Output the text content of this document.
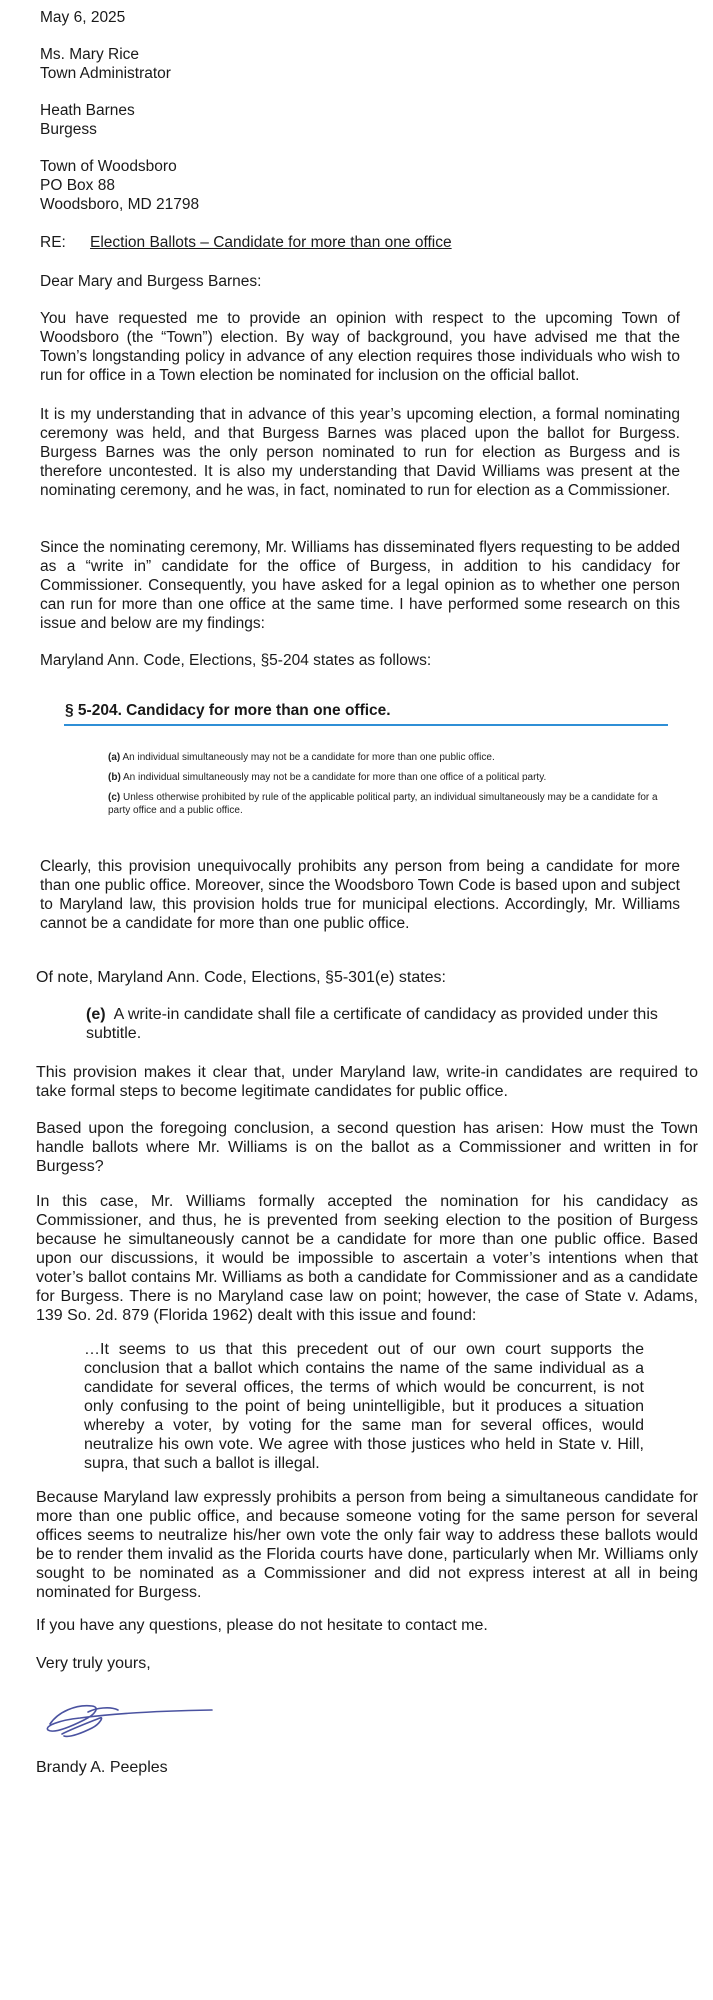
May 6, 2025
Ms. Mary Rice
Town Administrator
Heath Barnes
Burgess
Town of Woodsboro
PO Box 88
Woodsboro, MD 21798
RE: Election Ballots – Candidate for more than one office
Dear Mary and Burgess Barnes:

You have requested me to provide an opinion with respect to the upcoming Town of Woodsboro (the “Town”) election. By way of background, you have advised me that the Town’s longstanding policy in advance of any election requires those individuals who wish to run for office in a Town election be nominated for inclusion on the official ballot.

It is my understanding that in advance of this year’s upcoming election, a formal nominating ceremony was held, and that Burgess Barnes was placed upon the ballot for Burgess. Burgess Barnes was the only person nominated to run for election as Burgess and is therefore uncontested. It is also my understanding that David Williams was present at the nominating ceremony, and he was, in fact, nominated to run for election as a Commissioner.

Since the nominating ceremony, Mr. Williams has disseminated flyers requesting to be added as a “write in” candidate for the office of Burgess, in addition to his candidacy for Commissioner. Consequently, you have asked for a legal opinion as to whether one person can run for more than one office at the same time. I have performed some research on this issue and below are my findings:

Maryland Ann. Code, Elections, §5-204 states as follows:

§ 5-204. Candidacy for more than one office.
(a) An individual simultaneously may not be a candidate for more than one public office.
(b) An individual simultaneously may not be a candidate for more than one office of a political party.
(c) Unless otherwise prohibited by rule of the applicable political party, an individual simultaneously may be a candidate for a party office and a public office.

Clearly, this provision unequivocally prohibits any person from being a candidate for more than one public office. Moreover, since the Woodsboro Town Code is based upon and subject to Maryland law, this provision holds true for municipal elections. Accordingly, Mr. Williams cannot be a candidate for more than one public office.

Of note, Maryland Ann. Code, Elections, §5-301(e) states:

(e) A write-in candidate shall file a certificate of candidacy as provided under this subtitle.

This provision makes it clear that, under Maryland law, write-in candidates are required to take formal steps to become legitimate candidates for public office.

Based upon the foregoing conclusion, a second question has arisen: How must the Town handle ballots where Mr. Williams is on the ballot as a Commissioner and written in for Burgess?

In this case, Mr. Williams formally accepted the nomination for his candidacy as Commissioner, and thus, he is prevented from seeking election to the position of Burgess because he simultaneously cannot be a candidate for more than one public office. Based upon our discussions, it would be impossible to ascertain a voter’s intentions when that voter’s ballot contains Mr. Williams as both a candidate for Commissioner and as a candidate for Burgess. There is no Maryland case law on point; however, the case of State v. Adams, 139 So. 2d. 879 (Florida 1962) dealt with this issue and found:

…It seems to us that this precedent out of our own court supports the conclusion that a ballot which contains the name of the same individual as a candidate for several offices, the terms of which would be concurrent, is not only confusing to the point of being unintelligible, but it produces a situation whereby a voter, by voting for the same man for several offices, would neutralize his own vote. We agree with those justices who held in State v. Hill, supra, that such a ballot is illegal.

Because Maryland law expressly prohibits a person from being a simultaneous candidate for more than one public office, and because someone voting for the same person for several offices seems to neutralize his/her own vote the only fair way to address these ballots would be to render them invalid as the Florida courts have done, particularly when Mr. Williams only sought to be nominated as a Commissioner and did not express interest at all in being nominated for Burgess.

If you have any questions, please do not hesitate to contact me.

Very truly yours,

Brandy A. Peeples
